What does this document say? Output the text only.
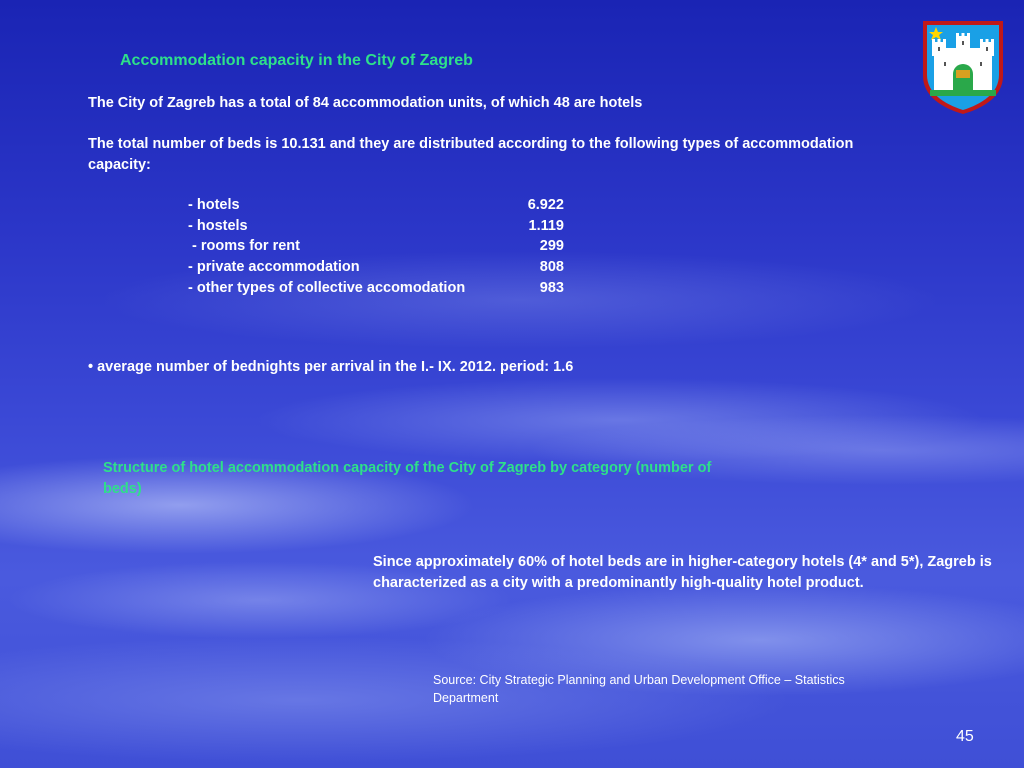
Accommodation capacity in the City of Zagreb
The City of Zagreb has a total of 84 accommodation units, of which 48 are hotels
The total number of beds is 10.131 and they are distributed according to the following types of accommodation capacity:
- hotels	6.922
- hostels	1.119
- rooms for rent	299
- private accommodation	808
- other types of collective accomodation	983
• average number of bednights per arrival in the I.- IX. 2012. period: 1.6
Structure of hotel accommodation capacity of the City of Zagreb by category (number of beds)
Since approximately 60% of hotel beds are in higher-category hotels (4* and 5*), Zagreb is characterized as a city with a predominantly high-quality hotel product.
Source: City Strategic Planning and Urban Development Office – Statistics Department
45
